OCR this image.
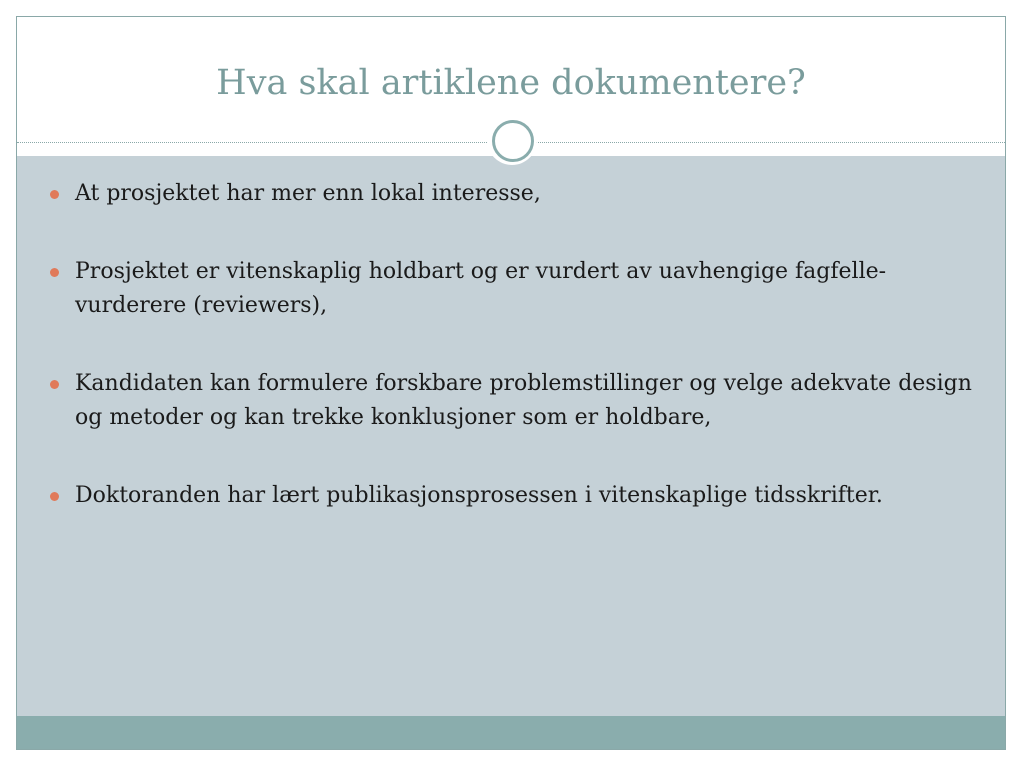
Hva skal artiklene dokumentere?
At prosjektet har mer enn lokal interesse,
Prosjektet er vitenskaplig holdbart og er vurdert av uavhengige fagfelle-vurderere (reviewers),
Kandidaten kan formulere forskbare problemstillinger og velge adekvate design og metoder og kan trekke konklusjoner som er holdbare,
Doktoranden har lært publikasjonsprosessen i vitenskaplige tidsskrifter.
